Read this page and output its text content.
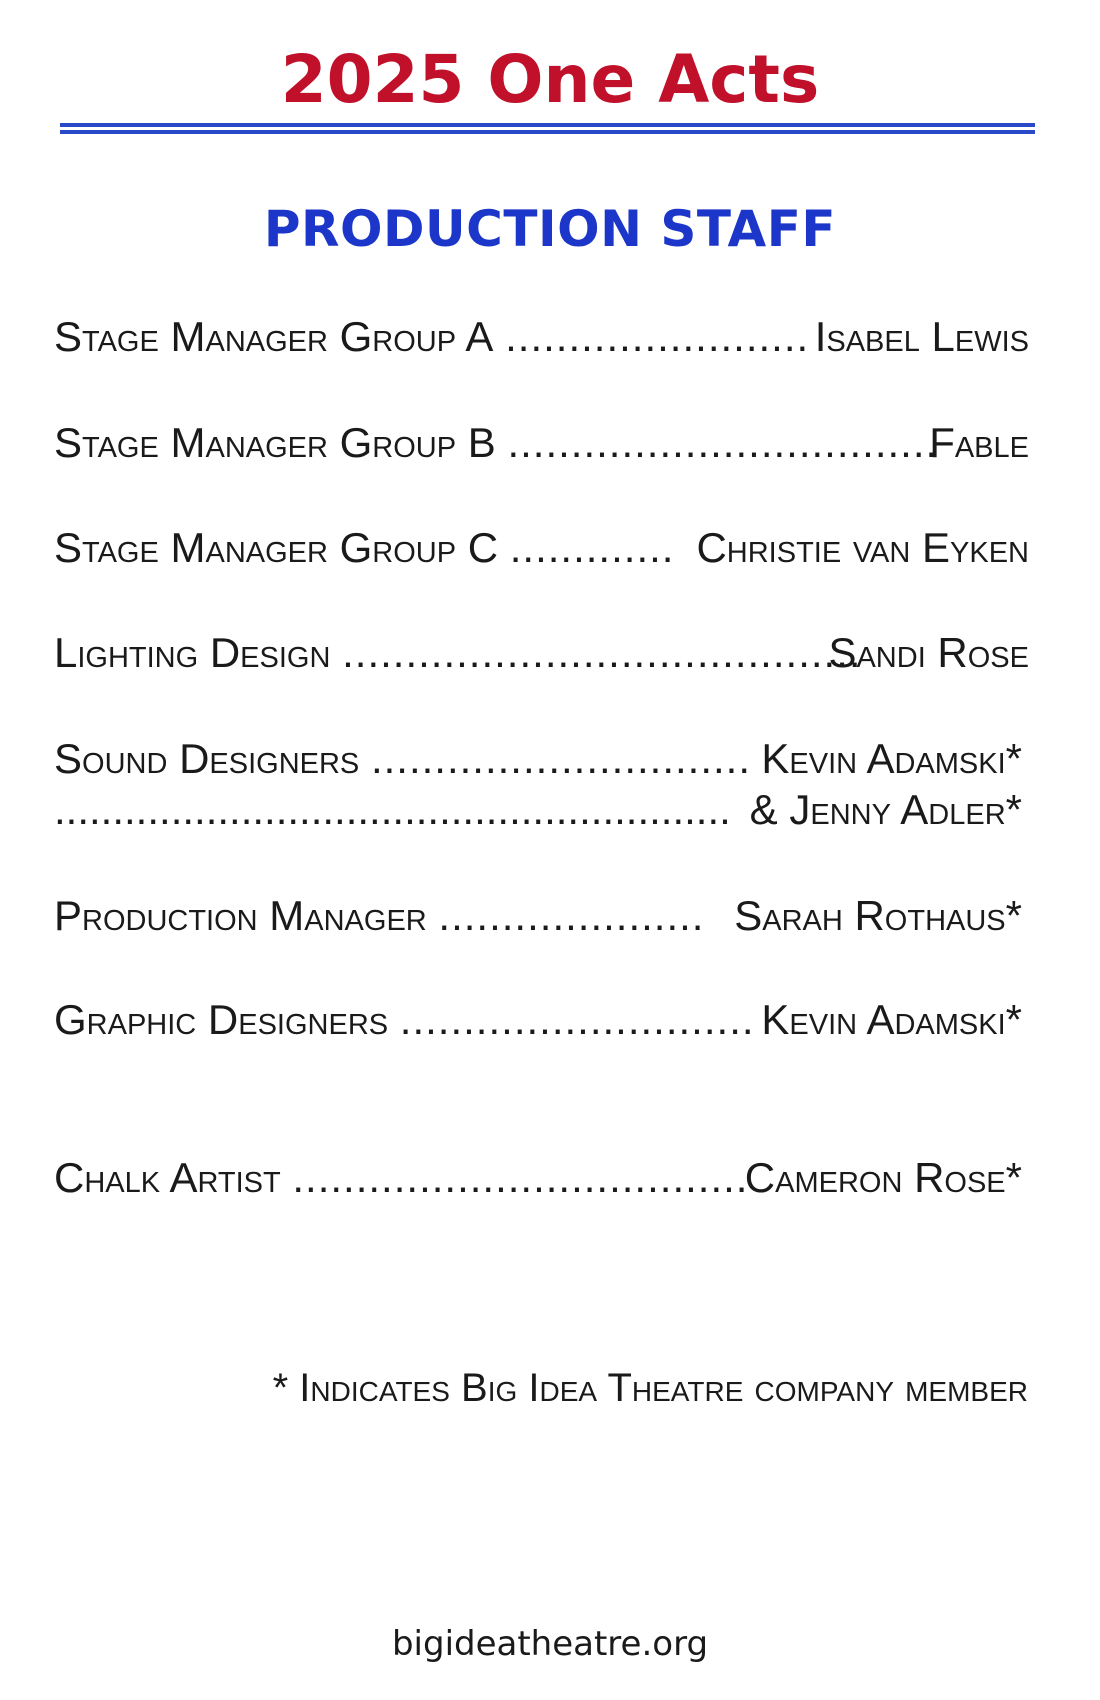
2025 One Acts
PRODUCTION STAFF
Stage Manager Group A ........................ Isabel Lewis
Stage Manager Group B ..................................
Fable
Stage Manager Group C ............. Christie van Eyken
Lighting Design .........................................
Sandi Rose
Sound Designers .............................. Kevin Adamski*
.......................................................... & Jenny Adler*
Production Manager ..................... Sarah Rothaus*
Graphic Designers ............................ Kevin Adamski*
Chalk Artist ....................................
Cameron Rose*
* Indicates Big Idea Theatre company member
bigideatheatre.org
